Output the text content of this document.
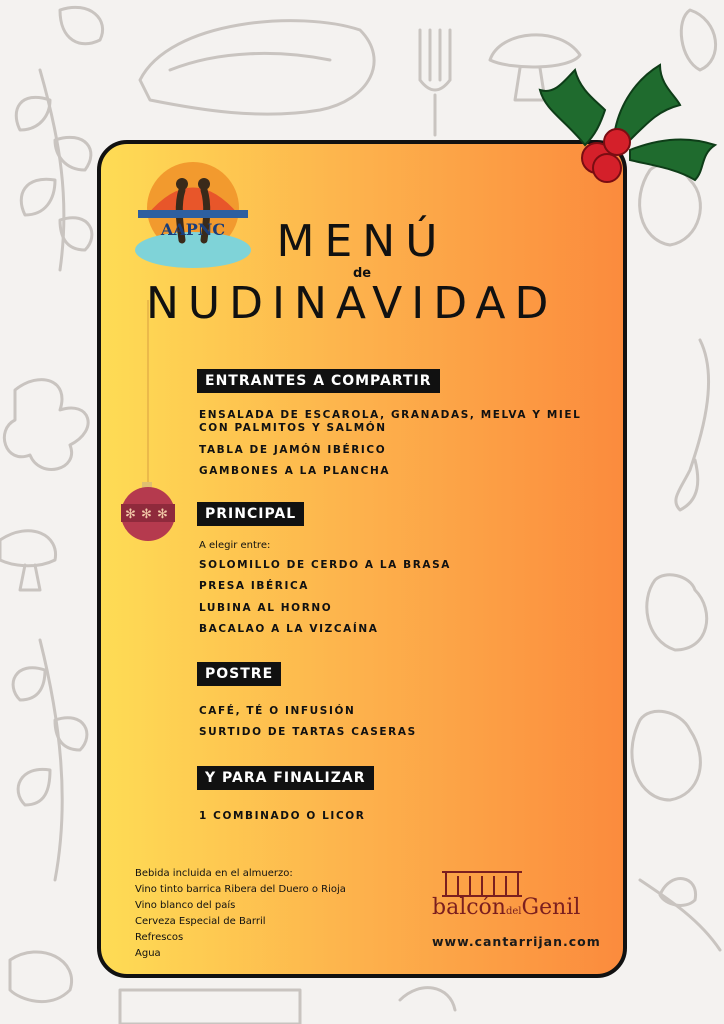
✻ ✻ ✻
AAPNC	MENÚ
de
NUDINAVIDAD
ENTRANTES A COMPARTIR
ENSALADA DE ESCAROLA, GRANADAS, MELVA Y MIEL
CON PALMITOS Y SALMÓN
TABLA DE JAMÓN IBÉRICO
GAMBONES A LA PLANCHA
PRINCIPAL
A elegir entre:
SOLOMILLO DE CERDO A LA BRASA
PRESA IBÉRICA
LUBINA AL HORNO
BACALAO A LA VIZCAÍNA
POSTRE
CAFÉ, TÉ O INFUSIÓN
SURTIDO DE TARTAS CASERAS
Y PARA FINALIZAR
1 COMBINADO O LICOR
Bebida incluida en el almuerzo:
Vino tinto barrica Ribera del Duero o Rioja
Vino blanco del país
Cerveza Especial de Barril
Refrescos
Agua
balcóndelGenil
www.cantarrijan.com
